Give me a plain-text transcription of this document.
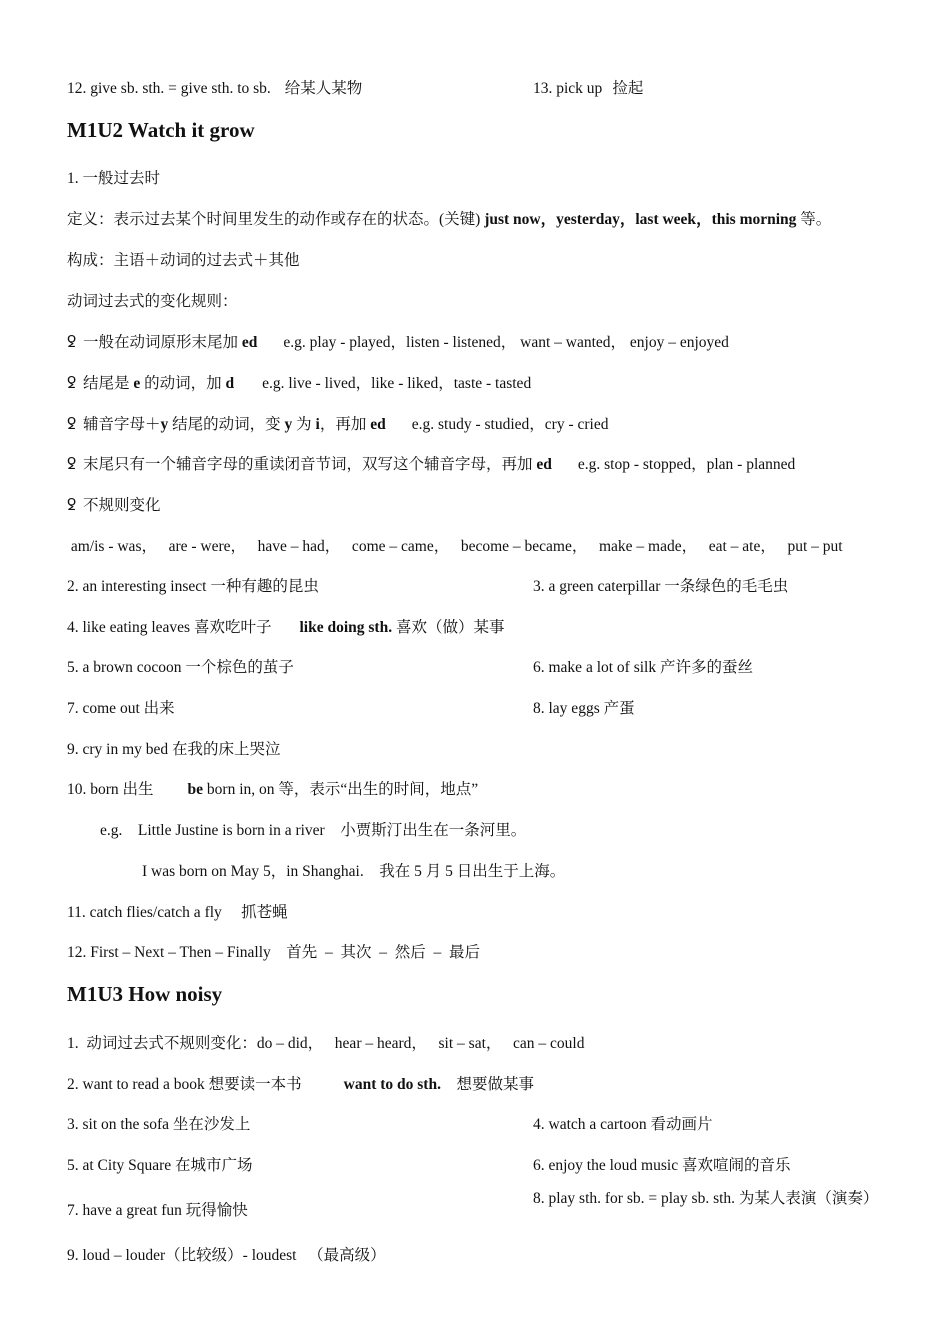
12. give sb. sth. = give sth. to sb. 给某人某物	13. pick up 捡起
M1U2 Watch it grow
1. 一般过去时
定义：表示过去某个时间里发生的动作或存在的状态。(关键) just now，yesterday，last week，this morning 等。
构成：主语＋动词的过去式＋其他
动词过去式的变化规则：
ꝿ 一般在动词原形末尾加 ed e.g. play - played，listen - listened， want – wanted， enjoy – enjoyed
ꝿ 结尾是 e 的动词，加 d e.g. live - lived，like - liked，taste - tasted
ꝿ 辅音字母＋y 结尾的动词，变 y 为 i，再加 ed e.g. study - studied，cry - cried
ꝿ 末尾只有一个辅音字母的重读闭音节词，双写这个辅音字母，再加 ed e.g. stop - stopped，plan - planned
ꝿ 不规则变化
am/is - was，   are - were，   have – had，   come – came，   become – became，   make – made，   eat – ate，   put – put
2. an interesting insect 一种有趣的昆虫	3. a green caterpillar 一条绿色的毛毛虫
4. like eating leaves 喜欢吃叶子 like doing sth. 喜欢（做）某事
5. a brown cocoon 一个棕色的茧子	6. make a lot of silk 产许多的蚕丝
7. come out 出来	8. lay eggs 产蛋
9. cry in my bed 在我的床上哭泣
10. born 出生 be born in, on 等，表示“出生的时间，地点”
e.g.    Little Justine is born in a river    小贾斯汀出生在一条河里。
I was born on May 5，in Shanghai.    我在 5 月 5 日出生于上海。
11. catch flies/catch a fly     抓苍蝇
12. First – Next – Then – Finally    首先  –  其次  –  然后  –  最后
M1U3 How noisy
1.  动词过去式不规则变化：do – did，   hear – heard，   sit – sat，   can – could
2. want to read a book 想要读一本书	want to do sth.    想要做某事
3. sit on the sofa 坐在沙发上	4. watch a cartoon 看动画片
5. at City Square 在城市广场	6. enjoy the loud music 喜欢喧闹的音乐
7. have a great fun 玩得愉快
8. play sth. for sb. = play sb. sth. 为某人表演（演奏）
9. loud – louder（比较级）- loudest   （最高级）
